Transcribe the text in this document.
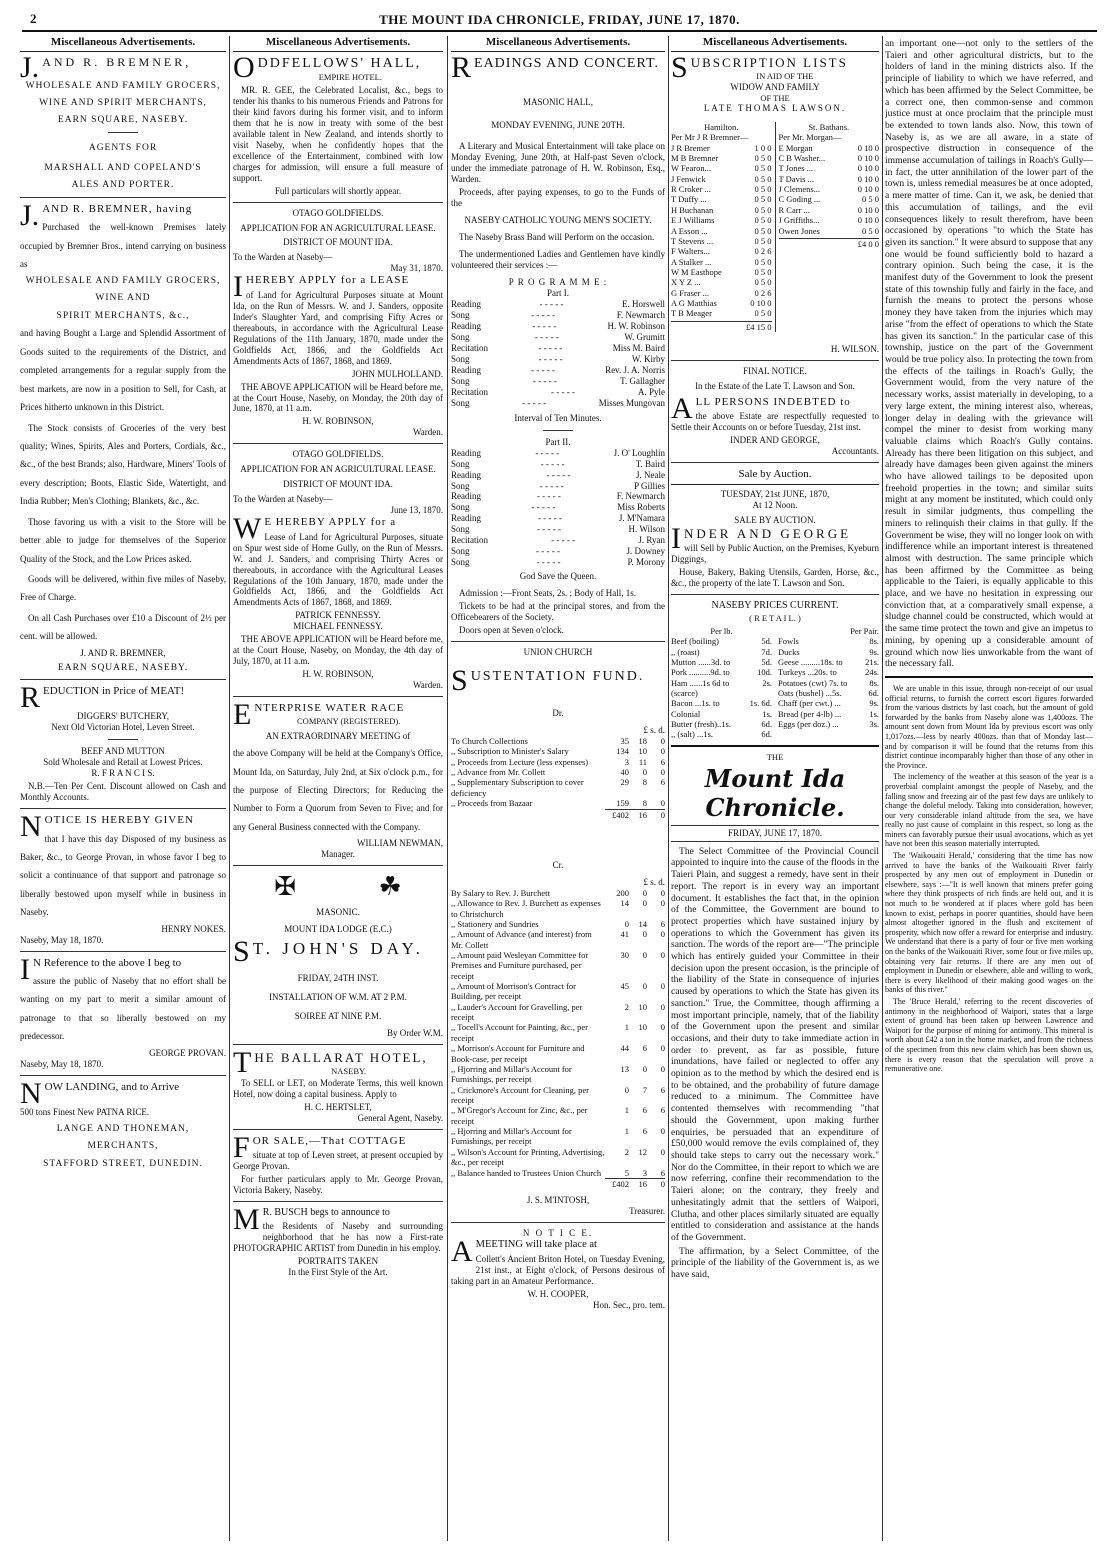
2	THE MOUNT IDA CHRONICLE, FRIDAY, JUNE 17, 1870.
Miscellaneous Advertisements.
J. AND R. BREMNER,
WHOLESALE AND FAMILY GROCERS,
WINE AND SPIRIT MERCHANTS,
EARN SQUARE, NASEBY.
AGENTS FOR
MARSHALL AND COPELAND'S
ALES AND PORTER.
J. AND R. BREMNER, having

Purchased the well-known Premises lately occupied by Bremner Bros., intend carrying on business as

WHOLESALE AND FAMILY GROCERS,
WINE AND
SPIRIT MERCHANTS, &c.,

and having Bought a Large and Splendid Assortment of Goods suited to the requirements of the District, and completed arrangements for a regular supply from the best markets, are now in a position to Sell, for Cash, at Prices hitherto unknown in this District.

The Stock consists of Groceries of the very best quality; Wines, Spirits, Ales and Porters, Cordials, &c., &c., of the best Brands; also, Hardware, Miners' Tools of every description; Boots, Elastic Side, Watertight, and India Rubber; Men's Clothing; Blankets, &c., &c.

Those favoring us with a visit to the Store will be better able to judge for themselves of the Superior Quality of the Stock, and the Low Prices asked.

Goods will be delivered, within five miles of Naseby, Free of Charge.

On all Cash Purchases over £10 a Discount of 2½ per cent. will be allowed.

J. AND R. BREMNER,
EARN SQUARE, NASEBY.
REDUCTION in Price of MEAT!
DIGGERS' BUTCHERY,
Next Old Victorian Hotel, Leven Street.
BEEF AND MUTTON
Sold Wholesale and Retail at Lowest Prices.
R. F R A N C I S.

N.B.—Ten Per Cent. Discount allowed on Cash and Monthly Accounts.

NOTICE IS HEREBY GIVEN

that I have this day Disposed of my business as Baker, &c., to George Provan, in whose favor I beg to solicit a continuance of that support and patronage so liberally bestowed upon myself while in business in Naseby.

HENRY NOKES.
Naseby, May 18, 1870.
I N Reference to the above I beg to

assure the public of Naseby that no effort shall be wanting on my part to merit a similar amount of patronage to that so liberally bestowed on my predecessor.

GEORGE PROVAN.
Naseby, May 18, 1870.
NOW LANDING, and to Arrive
500 tons Finest New PATNA RICE.
LANGE AND THONEMAN,
MERCHANTS,
STAFFORD STREET, DUNEDIN.
Miscellaneous Advertisements.
ODDFELLOWS' HALL,
EMPIRE HOTEL.

MR. R. GEE, the Celebrated Localist, &c., begs to tender his thanks to his numerous Friends and Patrons for their kind favors during his former visit, and to inform them that he is now in treaty with some of the best available talent in New Zealand, and intends shortly to visit Naseby, when he confidently hopes that the excellence of the Entertainment, combined with low charges for admission, will ensure a full measure of support.

Full particulars will shortly appear.

OTAGO GOLDFIELDS.
APPLICATION FOR AN AGRICULTURAL LEASE.
DISTRICT OF MOUNT IDA.
To the Warden at Naseby—
May 31, 1870.
IHEREBY APPLY for a LEASE

of Land for Agricultural Purposes situate at Mount Ida, on the Run of Messrs. W. and J. Sanders, opposite Inder's Slaughter Yard, and comprising Fifty Acres or thereabouts, in accordance with the Agricultural Lease Regulations of the 11th January, 1870, made under the Goldfields Act, 1866, and the Goldfields Act Amendments Acts of 1867, 1868, and 1869.

JOHN MULHOLLAND.

THE ABOVE APPLICATION will be Heard before me, at the Court House, Naseby, on Monday, the 20th day of June, 1870, at 11 a.m.

H. W. ROBINSON,
Warden.
OTAGO GOLDFIELDS.
APPLICATION FOR AN AGRICULTURAL LEASE.
DISTRICT OF MOUNT IDA.
To the Warden at Naseby—
June 13, 1870.
W E HEREBY APPLY for a

Lease of Land for Agricultural Purposes, situate on Spur west side of Home Gully, on the Run of Messrs. W. and J. Sanders, and comprising Thirty Acres or thereabouts, in accordance with the Agricultural Leases Regulations of the 10th January, 1870, made under the Goldfields Act, 1866, and the Goldfields Act Amendments Acts of 1867, 1868, and 1869.

PATRICK FENNESSY.
MICHAEL FENNESSY.

THE ABOVE APPLICATION will be Heard before me, at the Court House, Naseby, on Monday, the 4th day of July, 1870, at 11 a.m.

H. W. ROBINSON,
Warden.
ENTERPRISE WATER RACE
COMPANY (REGISTERED).
AN EXTRAORDINARY MEETING of

the above Company will be held at the Company's Office, Mount Ida, on Saturday, July 2nd, at Six o'clock p.m., for the purpose of Electing Directors; for Reducing the Number to Form a Quorum from Seven to Five; and for any General Business connected with the Company.

WILLIAM NEWMAN,
Manager.
✠	☘
MASONIC.
MOUNT IDA LODGE (E.C.)
S T. JOHN'S DAY.
FRIDAY, 24TH INST.
INSTALLATION OF W.M. AT 2 P.M.
SOIREE AT NINE P.M.
By Order W.M.
THE BALLARAT HOTEL,
NASEBY.

To SELL or LET, on Moderate Terms, this well known Hotel, now doing a capital business. Apply to

H. C. HERTSLET,
General Agent, Naseby.
FOR SALE,—That COTTAGE

situate at top of Leven street, at present occupied by George Provan.

For further particulars apply to Mr. George Provan, Victoria Bakery, Naseby.

M R. BUSCH begs to announce to

the Residents of Naseby and surrounding neighborhood that he has now a First-rate PHOTOGRAPHIC ARTIST from Dunedin in his employ.

PORTRAITS TAKEN
In the First Style of the Art.
Miscellaneous Advertisements.
READINGS AND CONCERT.
MASONIC HALL,
MONDAY EVENING, JUNE 20TH.

A Literary and Musical Entertainment will take place on Monday Evening, June 20th, at Half-past Seven o'clock, under the immediate patronage of H. W. Robinson, Esq., Warden.

Proceeds, after paying expenses, to go to the Funds of the

NASEBY CATHOLIC YOUNG MEN'S SOCIETY.

The Naseby Brass Band will Perform on the occasion.

The undermentioned Ladies and Gentlemen have kindly volunteered their services :—

P R O G R A M M E :
Part I.
Reading	- - - - -	E. Horswell
Song	- - - - -	F. Newmarch
Reading	- - - - -	H. W. Robinson
Song	- - - - -	W. Grumitt
Recitation	- - - - -	Miss M. Baird
Song	- - - - -	W. Kirby
Reading	- - - - -	Rev. J. A. Norris
Song	- - - - -	T. Gallagher
Recitation	- - - - -	A. Pyle
Song	- - - - -	Misses Mungovan
Interval of Ten Minutes.
Part II.
Reading	- - - - -	J. O' Loughlin
Song	- - - - -	T. Baird
Reading	- - - - -	J. Neale
Song	- - - - -	P Gillies
Reading	- - - - -	F. Newmarch
Song	- - - - -	Miss Roberts
Reading	- - - - -	J. M'Namara
Song	- - - - -	H. Wilson
Recitation	- - - - -	J. Ryan
Song	- - - - -	J. Downey
Song	- - - - -	P. Morony
God Save the Queen.

Admission :—Front Seats, 2s. ; Body of Hall, 1s.

Tickets to be had at the principal stores, and from the Officebearers of the Society.

Doors open at Seven o'clock.

UNION CHURCH
SUSTENTATION FUND.
Dr.
£ s. d.
To Church Collections	35	18	0
,, Subscription to Minister's Salary	134	10	0
,, Proceeds from Lecture (less expenses)	3	11	6
,, Advance from Mr. Collett	40	0	0
,, Supplementary Subscription to cover deficiency	29	8	6
,, Proceeds from Bazaar	159	8	0
	£402	16	0
Cr.
£ s. d.
By Salary to Rev. J. Burchett	200	0	0
,, Allowance to Rev. J. Burchett as expenses to Christchurch	14	0	0
,, Stationery and Sundries	0	14	6
,, Amount of Advance (and interest) from Mr. Collett	41	0	0
,, Amount paid Wesleyan Committee for Premises and Furniture purchased, per receipt	30	0	0
,, Amount of Morrison's Contract for Building, per receipt	45	0	0
,, Lauder's Account for Gravelling, per receipt	2	10	0
,, Tocell's Account for Painting, &c., per receipt	1	10	0
,, Morrison's Account for Furniture and Book-case, per receipt	44	6	0
,, Hjorring and Millar's Account for Furnishings, per receipt	13	0	0
,, Crickmore's Account for Cleaning, per receipt	0	7	6
,, M'Gregor's Account for Zinc, &c., per receipt	1	6	6
,, Hjorring and Millar's Account for Furnishings, per receipt	1	6	0
,, Wilson's Account for Printing, Advertising, &c., per receipt	2	12	0
,, Balance handed to Trustees Union Church	5	3	6
	£402	16	0
J. S. M'INTOSH,
Treasurer.
N O T I C E.
AMEETING will take place at

Collett's Ancient Briton Hotel, on Tuesday Evening, 21st inst., at Eight o'clock, of Persons desirous of taking part in an Amateur Performance.

W. H. COOPER,
Hon. Sec., pro. tem.
Miscellaneous Advertisements.
SUBSCRIPTION LISTS
IN AID OF THE
WIDOW AND FAMILY
OF THE
LATE THOMAS LAWSON.
Hamilton.
Per Mr J R Bremner—
J R Bremer	1 0 0
M B Bremner	0 5 0
W Fearon...	0 5 0
J Fenwick	0 5 0
R Croker ...	0 5 0
T Duffy ...	0 5 0
H Buchanan	0 5 0
E J Williams	0 5 0
A Esson ...	0 5 0
T Stevens ...	0 5 0
F Walters...	0 2 6
A Stalker ...	0 5 0
W M Easthope	0 5 0
X Y Z ...	0 5 0
G Fraser ...	0 2 6
A G Matthias	0 10 0
T B Meager	0 5 0
£4 15 0
St. Bathans.
Per Mr. Morgan—
E Morgan	0 10 0
C B Washer...	0 10 0
T Jones ...	0 10 0
T Davis ...	0 10 0
J Clemens...	0 10 0
C Goding ...	0 5 0
R Carr ...	0 10 0
J Griffiths...	0 10 0
Owen Jones	0 5 0
£4 0 0
H. WILSON.
FINAL NOTICE.
In the Estate of the Late T. Lawson and Son.
ALL PERSONS INDEBTED to

the above Estate are respectfully requested to Settle their Accounts on or before Tuesday, 21st inst.

INDER AND GEORGE,
Accountants.
Sale by Auction.
TUESDAY, 21st JUNE, 1870,
At 12 Noon.
SALE BY AUCTION.
INDER AND GEORGE

will Sell by Public Auction, on the Premises, Kyeburn Diggings,

House, Bakery, Baking Utensils, Garden, Horse, &c., &c., the property of the late T. Lawson and Son.

NASEBY PRICES CURRENT.
( R E T A I L. )
Per lb.
Beef (boiling)	5d.
,, (roast)	7d.
Mutton ......3d. to	5d.
Pork ..........9d. to	10d.
Ham ......1s 6d to	2s.
(scarce)
Bacon ...1s. to	1s. 6d.
Colonial	1s.
Butter (fresh)..1s.	6d.
,, (salt) ...1s.	6d.
Per Pair.
Fowls	8s.
Ducks	9s.
Geese .........18s. to	21s.
Turkeys ...20s. to	24s.
Potatoes (cwt) 7s. to	8s.
Oats (bushel) ...5s.	6d.
Chaff (per cwt.) ...	9s.
Bread (per 4-lb) ...	1s.
Eggs (per doz.) ...	3s.
THE
Mount Ida Chronicle.
FRIDAY, JUNE 17, 1870.

The Select Committee of the Provincial Council appointed to inquire into the cause of the floods in the Taieri Plain, and suggest a remedy, have sent in their report. The report is in every way an important document. It establishes the fact that, in the opinion of the Committee, the Government are bound to protect properties which have sustained injury by operations to which the Government has given its sanction. The words of the report are—"The principle which has entirely guided your Committee in their decision upon the present occasion, is the principle of the liability of the State in consequence of injuries caused by operations to which the State has given its sanction." True, the Committee, though affirming a most important principle, namely, that of the liability of the Government upon the present and similar occasions, and their duty to take immediate action in order to prevent, as far as possible, future inundations, have failed or neglected to offer any opinion as to the method by which the desired end is to be obtained, and the probability of future damage reduced to a minimum. The Committee have contented themselves with recommending "that should the Government, upon making further enquiries, be persuaded that an expenditure of £50,000 would remove the evils complained of, they should take steps to carry out the necessary work." Nor do the Committee, in their report to which we are now referring, confine their recommendation to the Taieri alone; on the contrary, they freely and unhesitatingly admit that the settlers of Waipori, Clutha, and other places similarly situated are equally entitled to consideration and assistance at the hands of the Government.

The affirmation, by a Select Committee, of the principle of the liability of the Government is, as we have said,

an important one—not only to the settlers of the Taieri and other agricultural districts, but to the holders of land in the mining districts also. If the principle of liability to which we have referred, and which has been affirmed by the Select Committee, be a correct one, then common-sense and common justice must at once proclaim that the principle must be extended to town lands also. Now, this town of Naseby is, as we are all aware, in a state of prospective distruction in consequence of the immense accumulation of tailings in Roach's Gully—in fact, the utter annihilation of the lower part of the town is, unless remedial measures be at once adopted, a mere matter of time. Can it, we ask, be denied that this accumulation of tailings, and the evil consequences likely to result therefrom, have been occasioned by operations "to which the State has given its sanction." It were absurd to suppose that any one would be found sufficiently bold to hazard a contrary opinion. Such being the case, it is the manifest duty of the Government to look the present state of this township fully and fairly in the face, and furnish the means to protect the persons whose money they have taken from the injuries which may arise "from the effect of operations to which the State has given its sanction." In the particular case of this township, justice on the part of the Government would be true policy also. In protecting the town from the effects of the tailings in Roach's Gully, the Government would, from the very nature of the necessary works, assist materially in developing, to a very large extent, the mining interest also, whereas, longer delay in dealing with the grievance will compel the miner to desist from working many valuable claims which Roach's Gully contains. Already has there been litigation on this subject, and already have damages been given against the miners who have allowed tailings to be deposited upon freehold properties in the town; and similar suits might at any moment be instituted, which could only result in similar judgments, thus compelling the miners to relinquish their claims in that gully. If the Government be wise, they will no longer look on with indifference while an important interest is threatened almost with destruction. The same principle which has been affirmed by the Committee as being applicable to the Taieri, is equally applicable to this place, and we have no hesitation in expressing our conviction that, at a comparatively small expense, a sludge channel could be constructed, which would at the same time protect the town and give an impetus to mining, by opening up a considerable amount of ground which now lies unworkable from the want of the necessary fall.

We are unable in this issue, through non-receipt of our usual official returns, to furnish the correct escort figures forwarded from the various districts by last coach, but the amount of gold forwarded by the banks from Naseby alone was 1,400ozs. The amount sent down from Mount Ida by previous escort was only 1,017ozs.—less by nearly 400ozs. than that of Monday last—and by comparison it will be found that the returns from this district continue incomparably higher than those of any other in the Province.

The inclemency of the weather at this season of the year is a proverbial complaint amongst the people of Naseby, and the falling snow and freezing air of the past few days are unlikely to change the doleful melody. Taking into consideration, however, our very considerable inland altitude from the sea, we have really no just cause of complaint in this respect, so long as the miners can favorably pursue their usual avocations, which as yet have not been this season materially interrupted.

The 'Waikouaiti Herald,' considering that the time has now arrived to have the banks of the Waikouaiti River fairly prospected by any men out of employment in Dunedin or elsewhere, says :—"It is well known that miners prefer going where they think prospects of rich finds are held out, and it is not much to be wondered at if places where gold has been known to exist, perhaps in poorer quantities, should have been almost altogether ignored in the flush and excitement of prosperity, which now offer a reward for enterprise and industry. We understand that there is a party of four or five men working on the banks of the Waikouaiti River, some four or five miles up, obtaining very fair returns. If there are any men out of employment in Dunedin or elsewhere, able and willing to work, there is every likelihood of their making good wages on the banks of this river."

The 'Bruce Herald,' referring to the recent discoveries of antimony in the neighborhood of Waipori, states that a large extent of ground has been taken up between Lawrence and Waipori for the purpose of mining for antimony. This mineral is worth about £42 a ton in the home market, and from the richness of the specimen from this new claim which has been shown us, there is every reason that the speculation will prove a remunerative one.
